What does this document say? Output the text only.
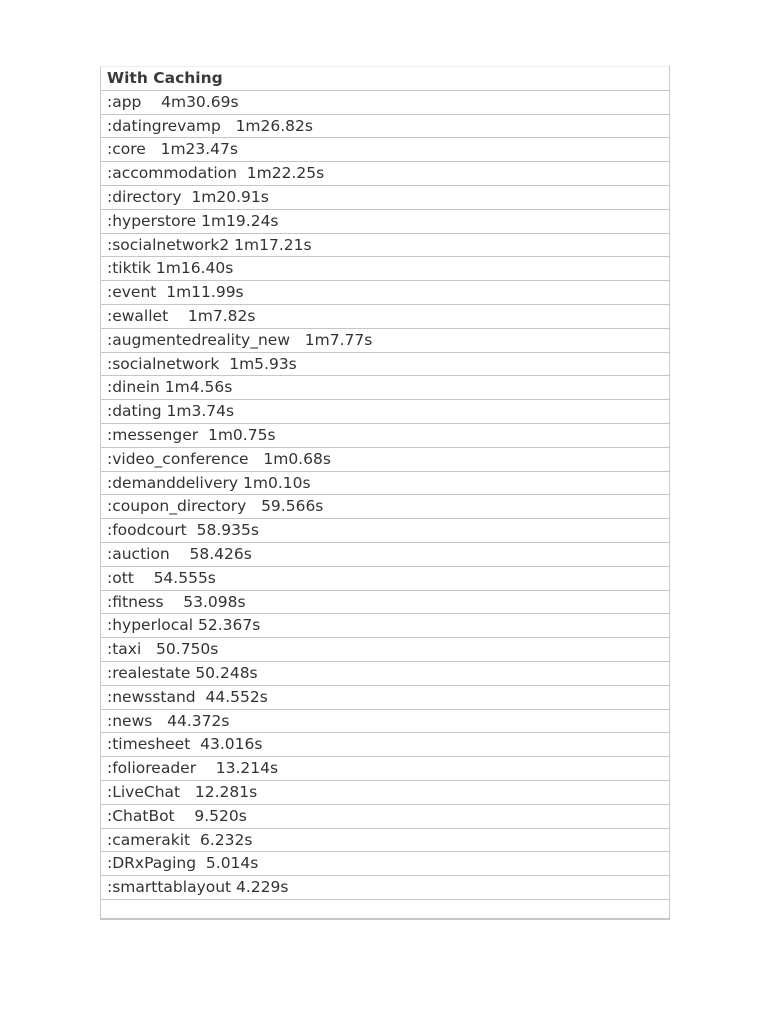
With Caching
:app    4m30.69s
:datingrevamp   1m26.82s
:core   1m23.47s
:accommodation  1m22.25s
:directory  1m20.91s
:hyperstore 1m19.24s
:socialnetwork2 1m17.21s
:tiktik 1m16.40s
:event  1m11.99s
:ewallet    1m7.82s
:augmentedreality_new   1m7.77s
:socialnetwork  1m5.93s
:dinein 1m4.56s
:dating 1m3.74s
:messenger  1m0.75s
:video_conference   1m0.68s
:demanddelivery 1m0.10s
:coupon_directory   59.566s
:foodcourt  58.935s
:auction    58.426s
:ott    54.555s
:fitness    53.098s
:hyperlocal 52.367s
:taxi   50.750s
:realestate 50.248s
:newsstand  44.552s
:news   44.372s
:timesheet  43.016s
:folioreader    13.214s
:LiveChat   12.281s
:ChatBot    9.520s
:camerakit  6.232s
:DRxPaging  5.014s
:smarttablayout 4.229s
